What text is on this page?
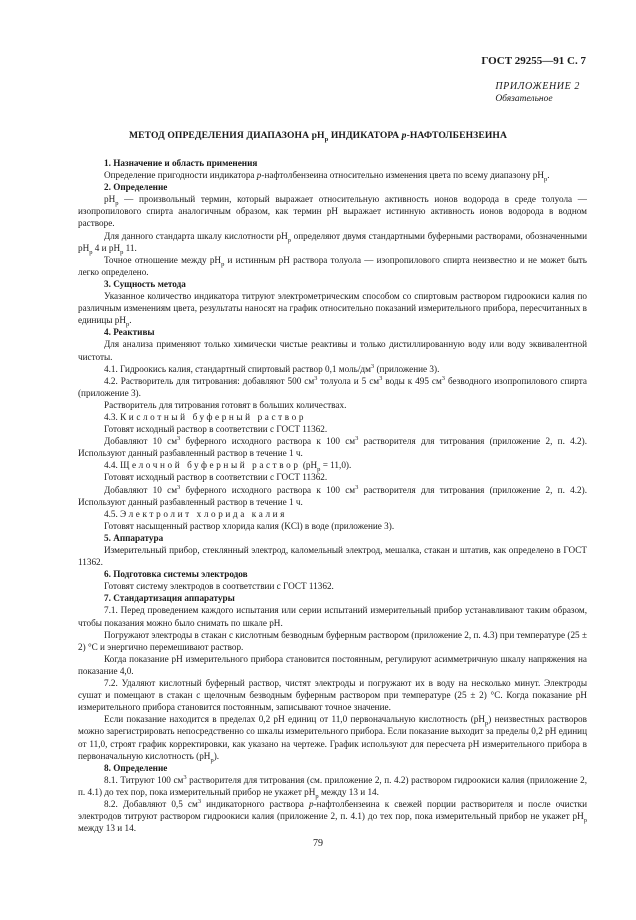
ГОСТ 29255—91 С. 7
ПРИЛОЖЕНИЕ 2
Обязательное
МЕТОД ОПРЕДЕЛЕНИЯ ДИАПАЗОНА $pH_p$ ИНДИКАТОРА p-НАФТОЛБЕНЗЕИНА

1. Назначение и область применения

Определение пригодности индикатора p-нафтолбензеина относительно изменения цвета по всему диапазону $pH_p$.

2. Определение

$pH_p$ — произвольный термин, который выражает относительную активность ионов водорода в среде толуола — изопропилового спирта аналогичным образом, как термин pH выражает истинную активность ионов водорода в водном растворе.

Для данного стандарта шкалу кислотности $pH_p$ определяют двумя стандартными буферными растворами, обозначенными $pH_p$ 4 и $pH_p$ 11.

Точное отношение между $pH_p$ и истинным pH раствора толуола — изопропилового спирта неизвестно и не может быть легко определено.

3. Сущность метода

Указанное количество индикатора титруют электрометрическим способом со спиртовым раствором гидроокиси калия по различным изменениям цвета, результаты наносят на график относительно показаний измерительного прибора, пересчитанных в единицы $pH_p$.

4. Реактивы

Для анализа применяют только химически чистые реактивы и только дистиллированную воду или воду эквивалентной чистоты.

4.1. Гидроокись калия, стандартный спиртовый раствор 0,1 моль/$дм^3$ (приложение 3).

4.2. Растворитель для титрования: добавляют 500 $см^3$ толуола и 5 $см^3$ воды к 495 $см^3$ безводного изопропилового спирта (приложение 3).

Растворитель для титрования готовят в больших количествах.

4.3. Кислотный буферный раствор

Готовят исходный раствор в соответствии с ГОСТ 11362.

Добавляют 10 $см^3$ буферного исходного раствора к 100 $см^3$ растворителя для титрования (приложение 2, п. 4.2). Используют данный разбавленный раствор в течение 1 ч.

4.4. Щелочной буферный раствор $(pH_p = 11,0)$.

Готовят исходный раствор в соответствии с ГОСТ 11362.

Добавляют 10 $см^3$ буферного исходного раствора к 100 $см^3$ растворителя для титрования (приложение 2, п. 4.2). Используют данный разбавленный раствор в течение 1 ч.

4.5. Электролит хлорида калия

Готовят насыщенный раствор хлорида калия (KCl) в воде (приложение 3).

5. Аппаратура

Измерительный прибор, стеклянный электрод, каломельный электрод, мешалка, стакан и штатив, как определено в ГОСТ 11362.

6. Подготовка системы электродов

Готовят систему электродов в соответствии с ГОСТ 11362.

7. Стандартизация аппаратуры

7.1. Перед проведением каждого испытания или серии испытаний измерительный прибор устанавливают таким образом, чтобы показания можно было снимать по шкале pH.

Погружают электроды в стакан с кислотным безводным буферным раствором (приложение 2, п. 4.3) при температуре (25 ± 2) °С и энергично перемешивают раствор.

Когда показание pH измерительного прибора становится постоянным, регулируют асимметричную шкалу напряжения на показание 4,0.

7.2. Удаляют кислотный буферный раствор, чистят электроды и погружают их в воду на несколько минут. Электроды сушат и помещают в стакан с щелочным безводным буферным раствором при температуре (25 ± 2) °С. Когда показание pH измерительного прибора становится постоянным, записывают точное значение.

Если показание находится в пределах 0,2 pH единиц от 11,0 первоначальную кислотность $(pH_p)$ неизвестных растворов можно зарегистрировать непосредственно со шкалы измерительного прибора. Если показание выходит за пределы 0,2 pH единиц от 11,0, строят график корректировки, как указано на чертеже. График используют для пересчета pH измерительного прибора в первоначальную кислотность $(pH_p)$.

8. Определение

8.1. Титруют 100 $см^3$ растворителя для титрования (см. приложение 2, п. 4.2) раствором гидроокиси калия (приложение 2, п. 4.1) до тех пор, пока измерительный прибор не укажет $pH_p$ между 13 и 14.

8.2. Добавляют 0,5 $см^3$ индикаторного раствора p-нафтолбензеина к свежей порции растворителя и после очистки электродов титруют раствором гидроокиси калия (приложение 2, п. 4.1) до тех пор, пока измерительный прибор не укажет $pH_p$ между 13 и 14.

79
